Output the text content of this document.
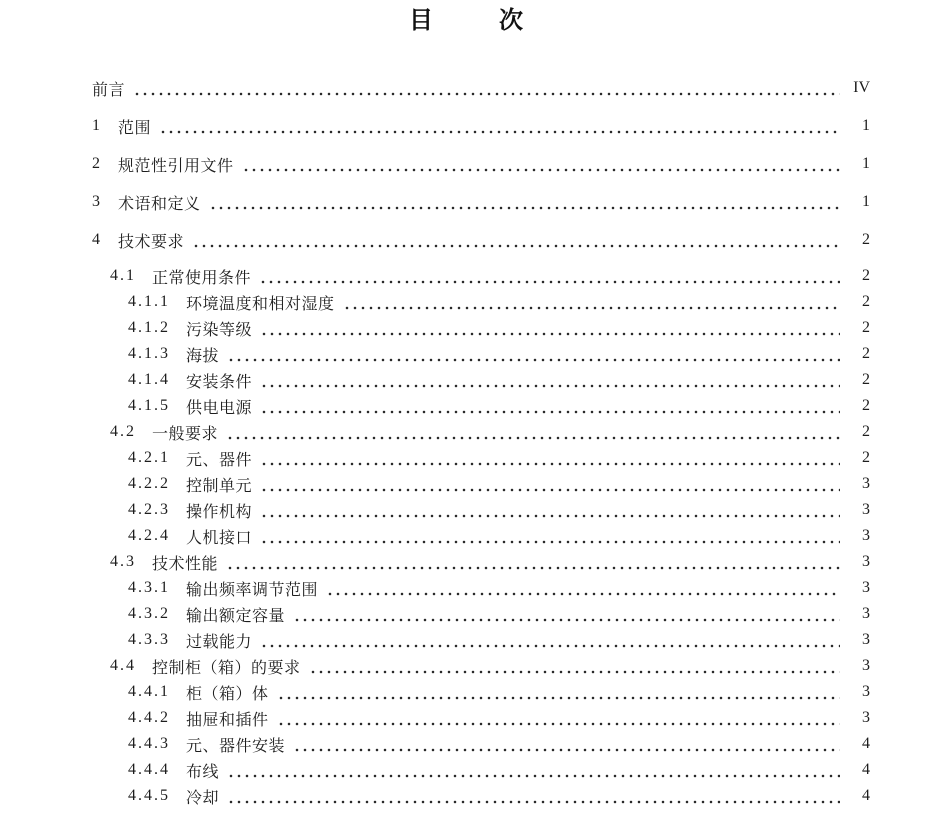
目　　次
前言	IV
1 范围	1
2 规范性引用文件	1
3 术语和定义	1
4 技术要求	2
4.1 正常使用条件	2
4.1.1 环境温度和相对湿度	2
4.1.2 污染等级	2
4.1.3 海拔	2
4.1.4 安装条件	2
4.1.5 供电电源	2
4.2 一般要求	2
4.2.1 元、器件	2
4.2.2 控制单元	3
4.2.3 操作机构	3
4.2.4 人机接口	3
4.3 技术性能	3
4.3.1 输出频率调节范围	3
4.3.2 输出额定容量	3
4.3.3 过载能力	3
4.4 控制柜（箱）的要求	3
4.4.1 柜（箱）体	3
4.4.2 抽屉和插件	3
4.4.3 元、器件安装	4
4.4.4 布线	4
4.4.5 冷却	4
